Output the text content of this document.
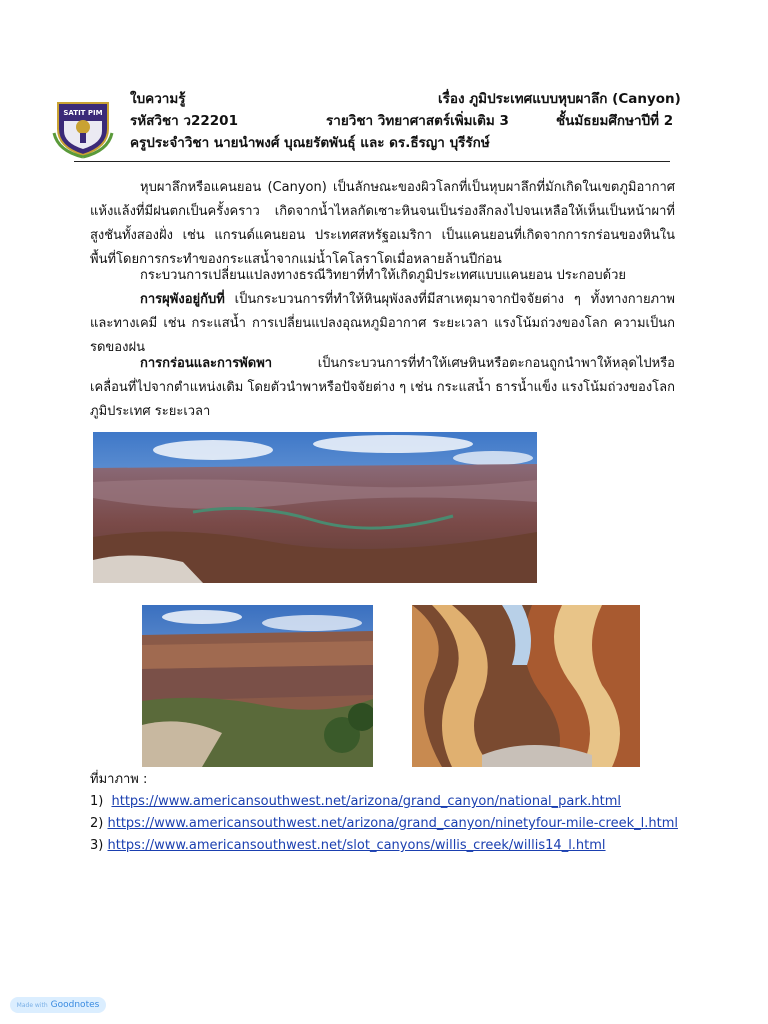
SATIT PIM
ใบความรู้	เรื่อง ภูมิประเทศแบบหุบผาลึก (Canyon)
รหัสวิชา ว22201	รายวิชา วิทยาศาสตร์เพิ่มเติม 3	ชั้นมัธยมศึกษาปีที่ 2
ครูประจำวิชา นายนำพงศ์ บุณยรัตพันธุ์ และ ดร.ธีรญา บุรีรักษ์
หุบผาลึกหรือแคนยอน (Canyon) เป็นลักษณะของผิวโลกที่เป็นหุบผาลึกที่มักเกิดในเขตภูมิอากาศแห้งแล้งที่มีฝนตกเป็นครั้งคราว เกิดจากน้ำไหลกัดเซาะหินจนเป็นร่องลึกลงไปจนเหลือให้เห็นเป็นหน้าผาที่สูงชันทั้งสองฝั่ง เช่น แกรนด์แคนยอน ประเทศสหรัฐอเมริกา เป็นแคนยอนที่เกิดจากการกร่อนของหินในพื้นที่โดยการกระทำของกระแสน้ำจากแม่น้ำโคโลราโดเมื่อหลายล้านปีก่อน
กระบวนการเปลี่ยนแปลงทางธรณีวิทยาที่ทำให้เกิดภูมิประเทศแบบแคนยอน ประกอบด้วย
การผุพังอยู่กับที่ เป็นกระบวนการที่ทำให้หินผุพังลงที่มีสาเหตุมาจากปัจจัยต่าง ๆ ทั้งทางกายภาพและทางเคมี เช่น กระแสน้ำ การเปลี่ยนแปลงอุณหภูมิอากาศ ระยะเวลา แรงโน้มถ่วงของโลก ความเป็นกรดของฝน
การกร่อนและการพัดพา เป็นกระบวนการที่ทำให้เศษหินหรือตะกอนถูกนำพาให้หลุดไปหรือเคลื่อนที่ไปจากตำแหน่งเดิม โดยตัวนำพาหรือปัจจัยต่าง ๆ เช่น กระแสน้ำ ธารน้ำแข็ง แรงโน้มถ่วงของโลก ภูมิประเทศ ระยะเวลา
ที่มาภาพ :
1) https://www.americansouthwest.net/arizona/grand_canyon/national_park.html
2) https://www.americansouthwest.net/arizona/grand_canyon/ninetyfour-mile-creek_l.html
3) https://www.americansouthwest.net/slot_canyons/willis_creek/willis14_l.html
Made with Goodnotes
